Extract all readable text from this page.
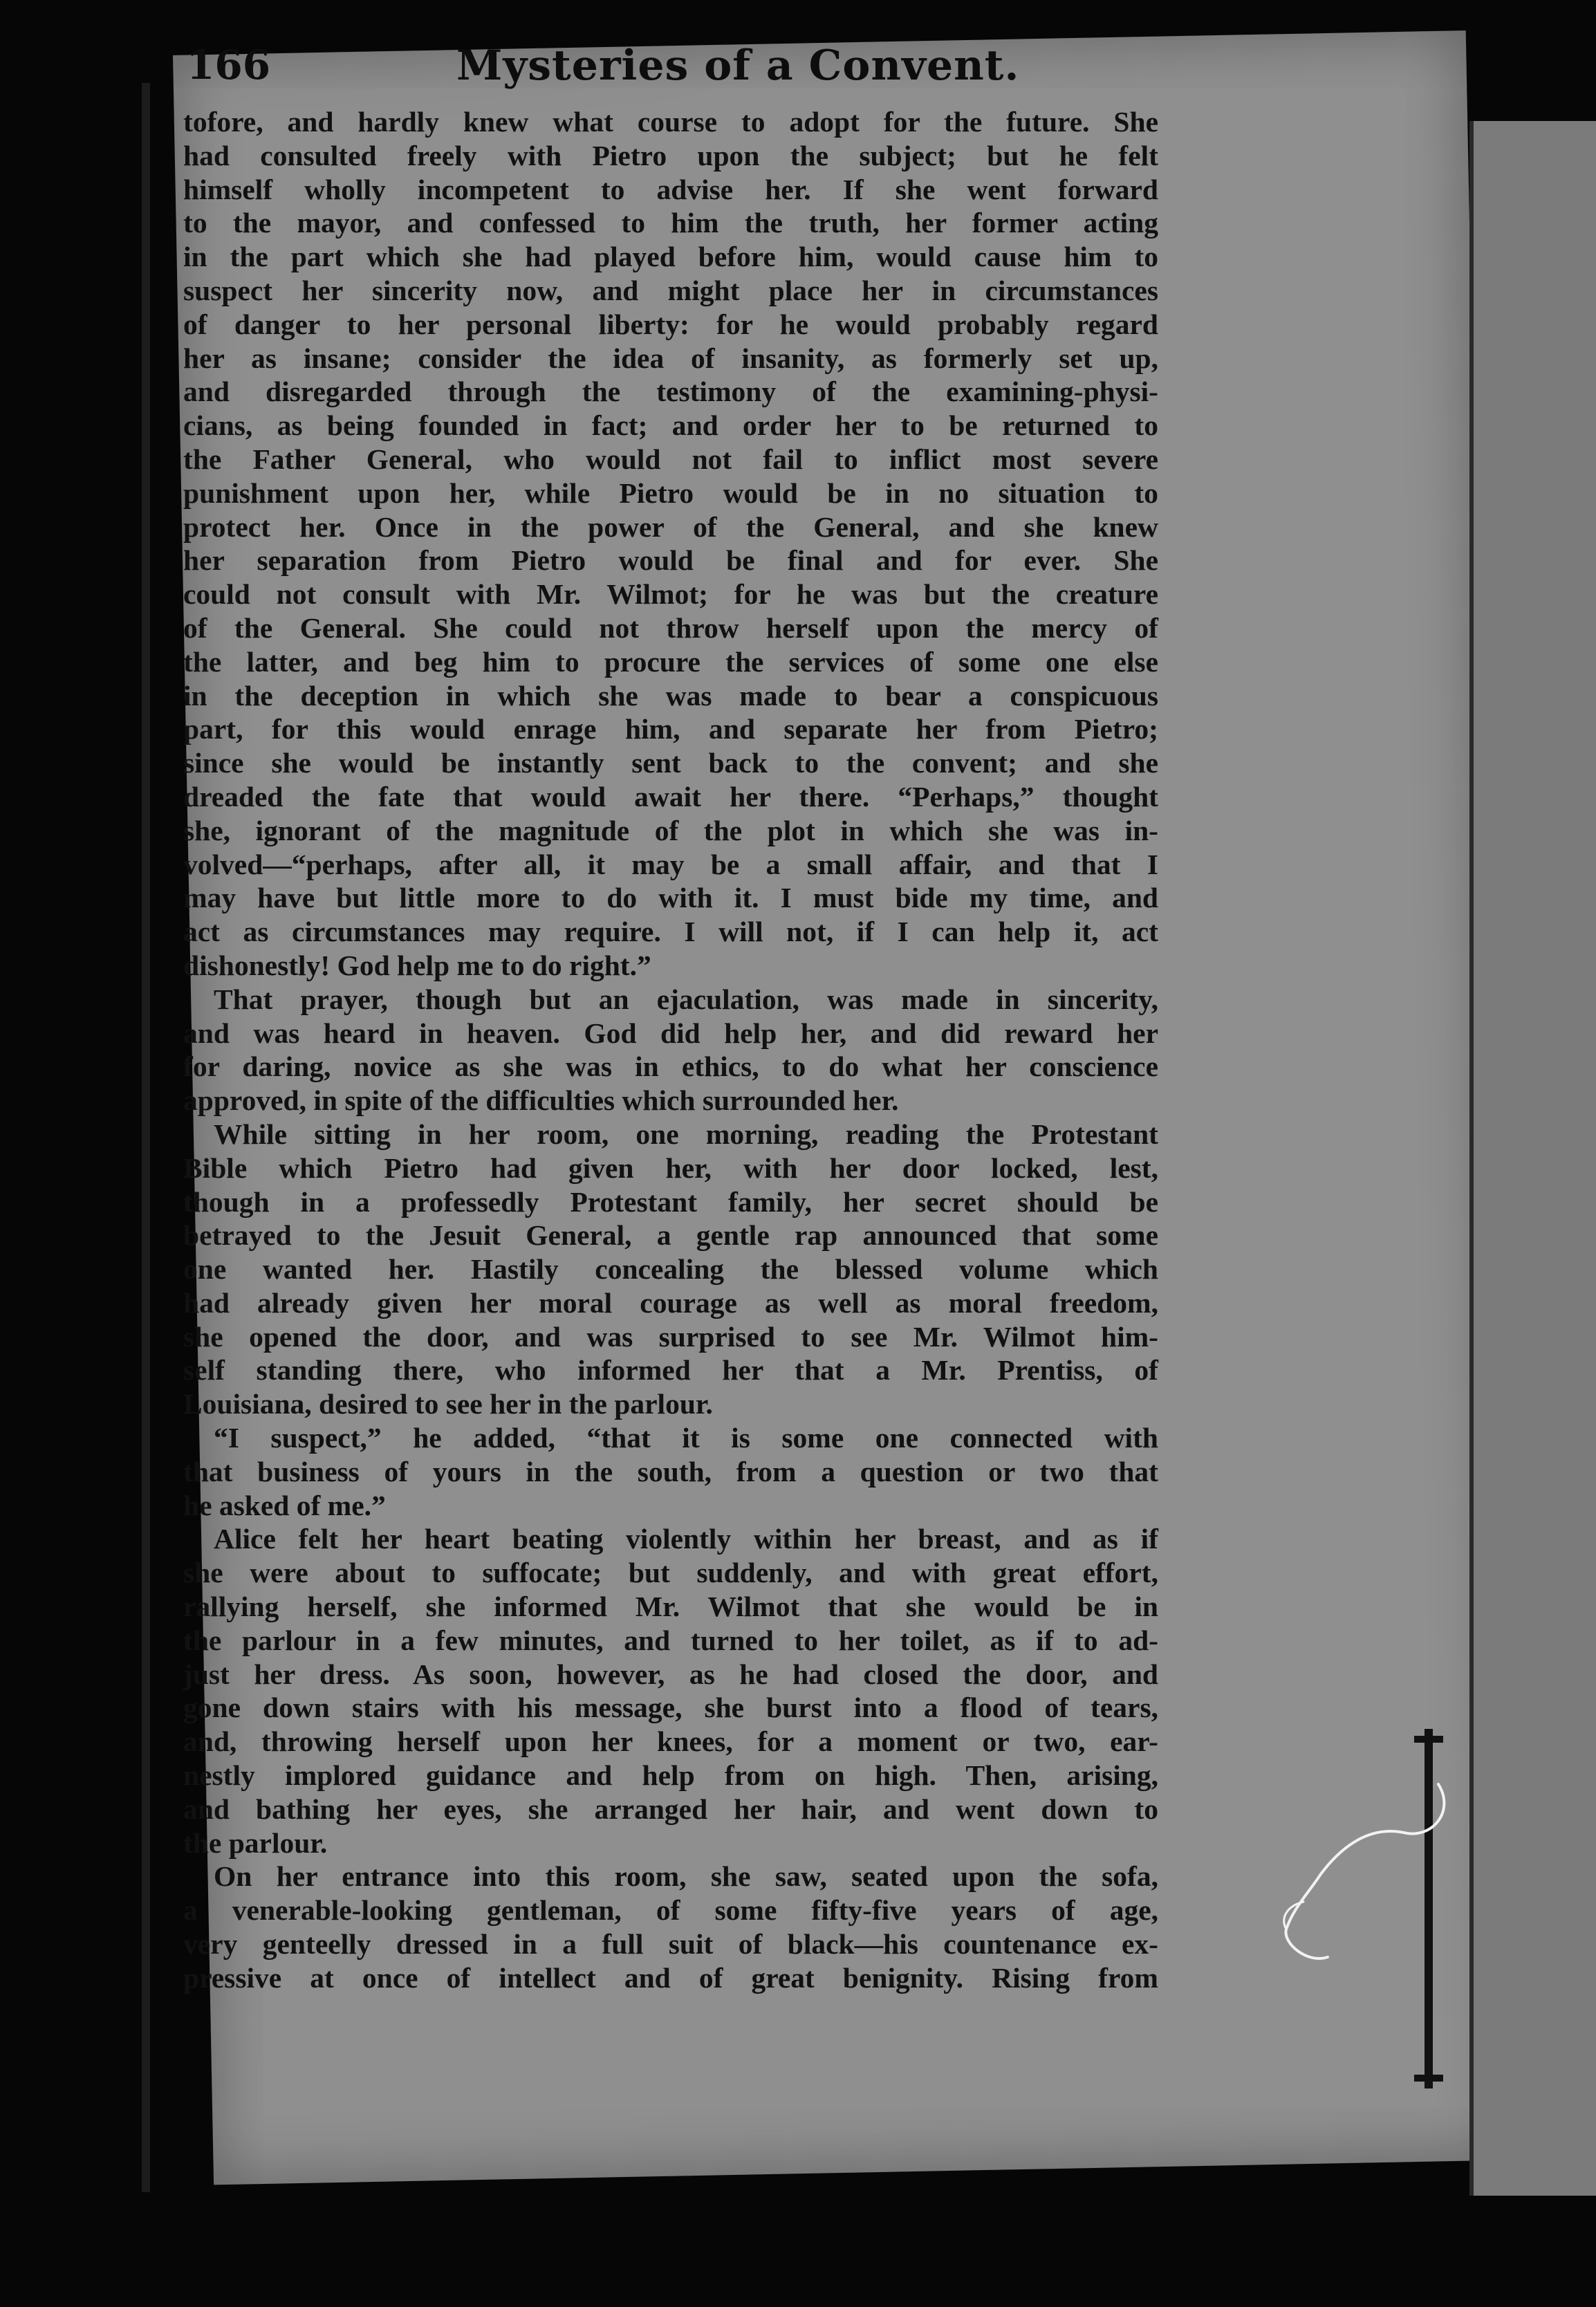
166	Mysteries of a Convent.
tofore, and hardly knew what course to adopt for the future. She
had consulted freely with Pietro upon the subject; but he felt
himself wholly incompetent to advise her. If she went forward
to the mayor, and confessed to him the truth, her former acting
in the part which she had played before him, would cause him to
suspect her sincerity now, and might place her in circumstances
of danger to her personal liberty: for he would probably regard
her as insane; consider the idea of insanity, as formerly set up,
and disregarded through the testimony of the examining-physi-
cians, as being founded in fact; and order her to be returned to
the Father General, who would not fail to inflict most severe
punishment upon her, while Pietro would be in no situation to
protect her. Once in the power of the General, and she knew
her separation from Pietro would be final and for ever. She
could not consult with Mr. Wilmot; for he was but the creature
of the General. She could not throw herself upon the mercy of
the latter, and beg him to procure the services of some one else
in the deception in which she was made to bear a conspicuous
part, for this would enrage him, and separate her from Pietro;
since she would be instantly sent back to the convent; and she
dreaded the fate that would await her there. “Perhaps,” thought
she, ignorant of the magnitude of the plot in which she was in-
volved—“perhaps, after all, it may be a small affair, and that I
may have but little more to do with it. I must bide my time, and
act as circumstances may require. I will not, if I can help it, act
dishonestly! God help me to do right.”
That prayer, though but an ejaculation, was made in sincerity,
and was heard in heaven. God did help her, and did reward her
for daring, novice as she was in ethics, to do what her conscience
approved, in spite of the difficulties which surrounded her.
While sitting in her room, one morning, reading the Protestant
Bible which Pietro had given her, with her door locked, lest,
though in a professedly Protestant family, her secret should be
betrayed to the Jesuit General, a gentle rap announced that some
one wanted her. Hastily concealing the blessed volume which
had already given her moral courage as well as moral freedom,
she opened the door, and was surprised to see Mr. Wilmot him-
self standing there, who informed her that a Mr. Prentiss, of
Louisiana, desired to see her in the parlour.
“I suspect,” he added, “that it is some one connected with
that business of yours in the south, from a question or two that
he asked of me.”
Alice felt her heart beating violently within her breast, and as if
she were about to suffocate; but suddenly, and with great effort,
rallying herself, she informed Mr. Wilmot that she would be in
the parlour in a few minutes, and turned to her toilet, as if to ad-
just her dress. As soon, however, as he had closed the door, and
gone down stairs with his message, she burst into a flood of tears,
and, throwing herself upon her knees, for a moment or two, ear-
nestly implored guidance and help from on high. Then, arising,
and bathing her eyes, she arranged her hair, and went down to
the parlour.
On her entrance into this room, she saw, seated upon the sofa,
a venerable-looking gentleman, of some fifty-five years of age,
very genteelly dressed in a full suit of black—his countenance ex-
pressive at once of intellect and of great benignity. Rising from
